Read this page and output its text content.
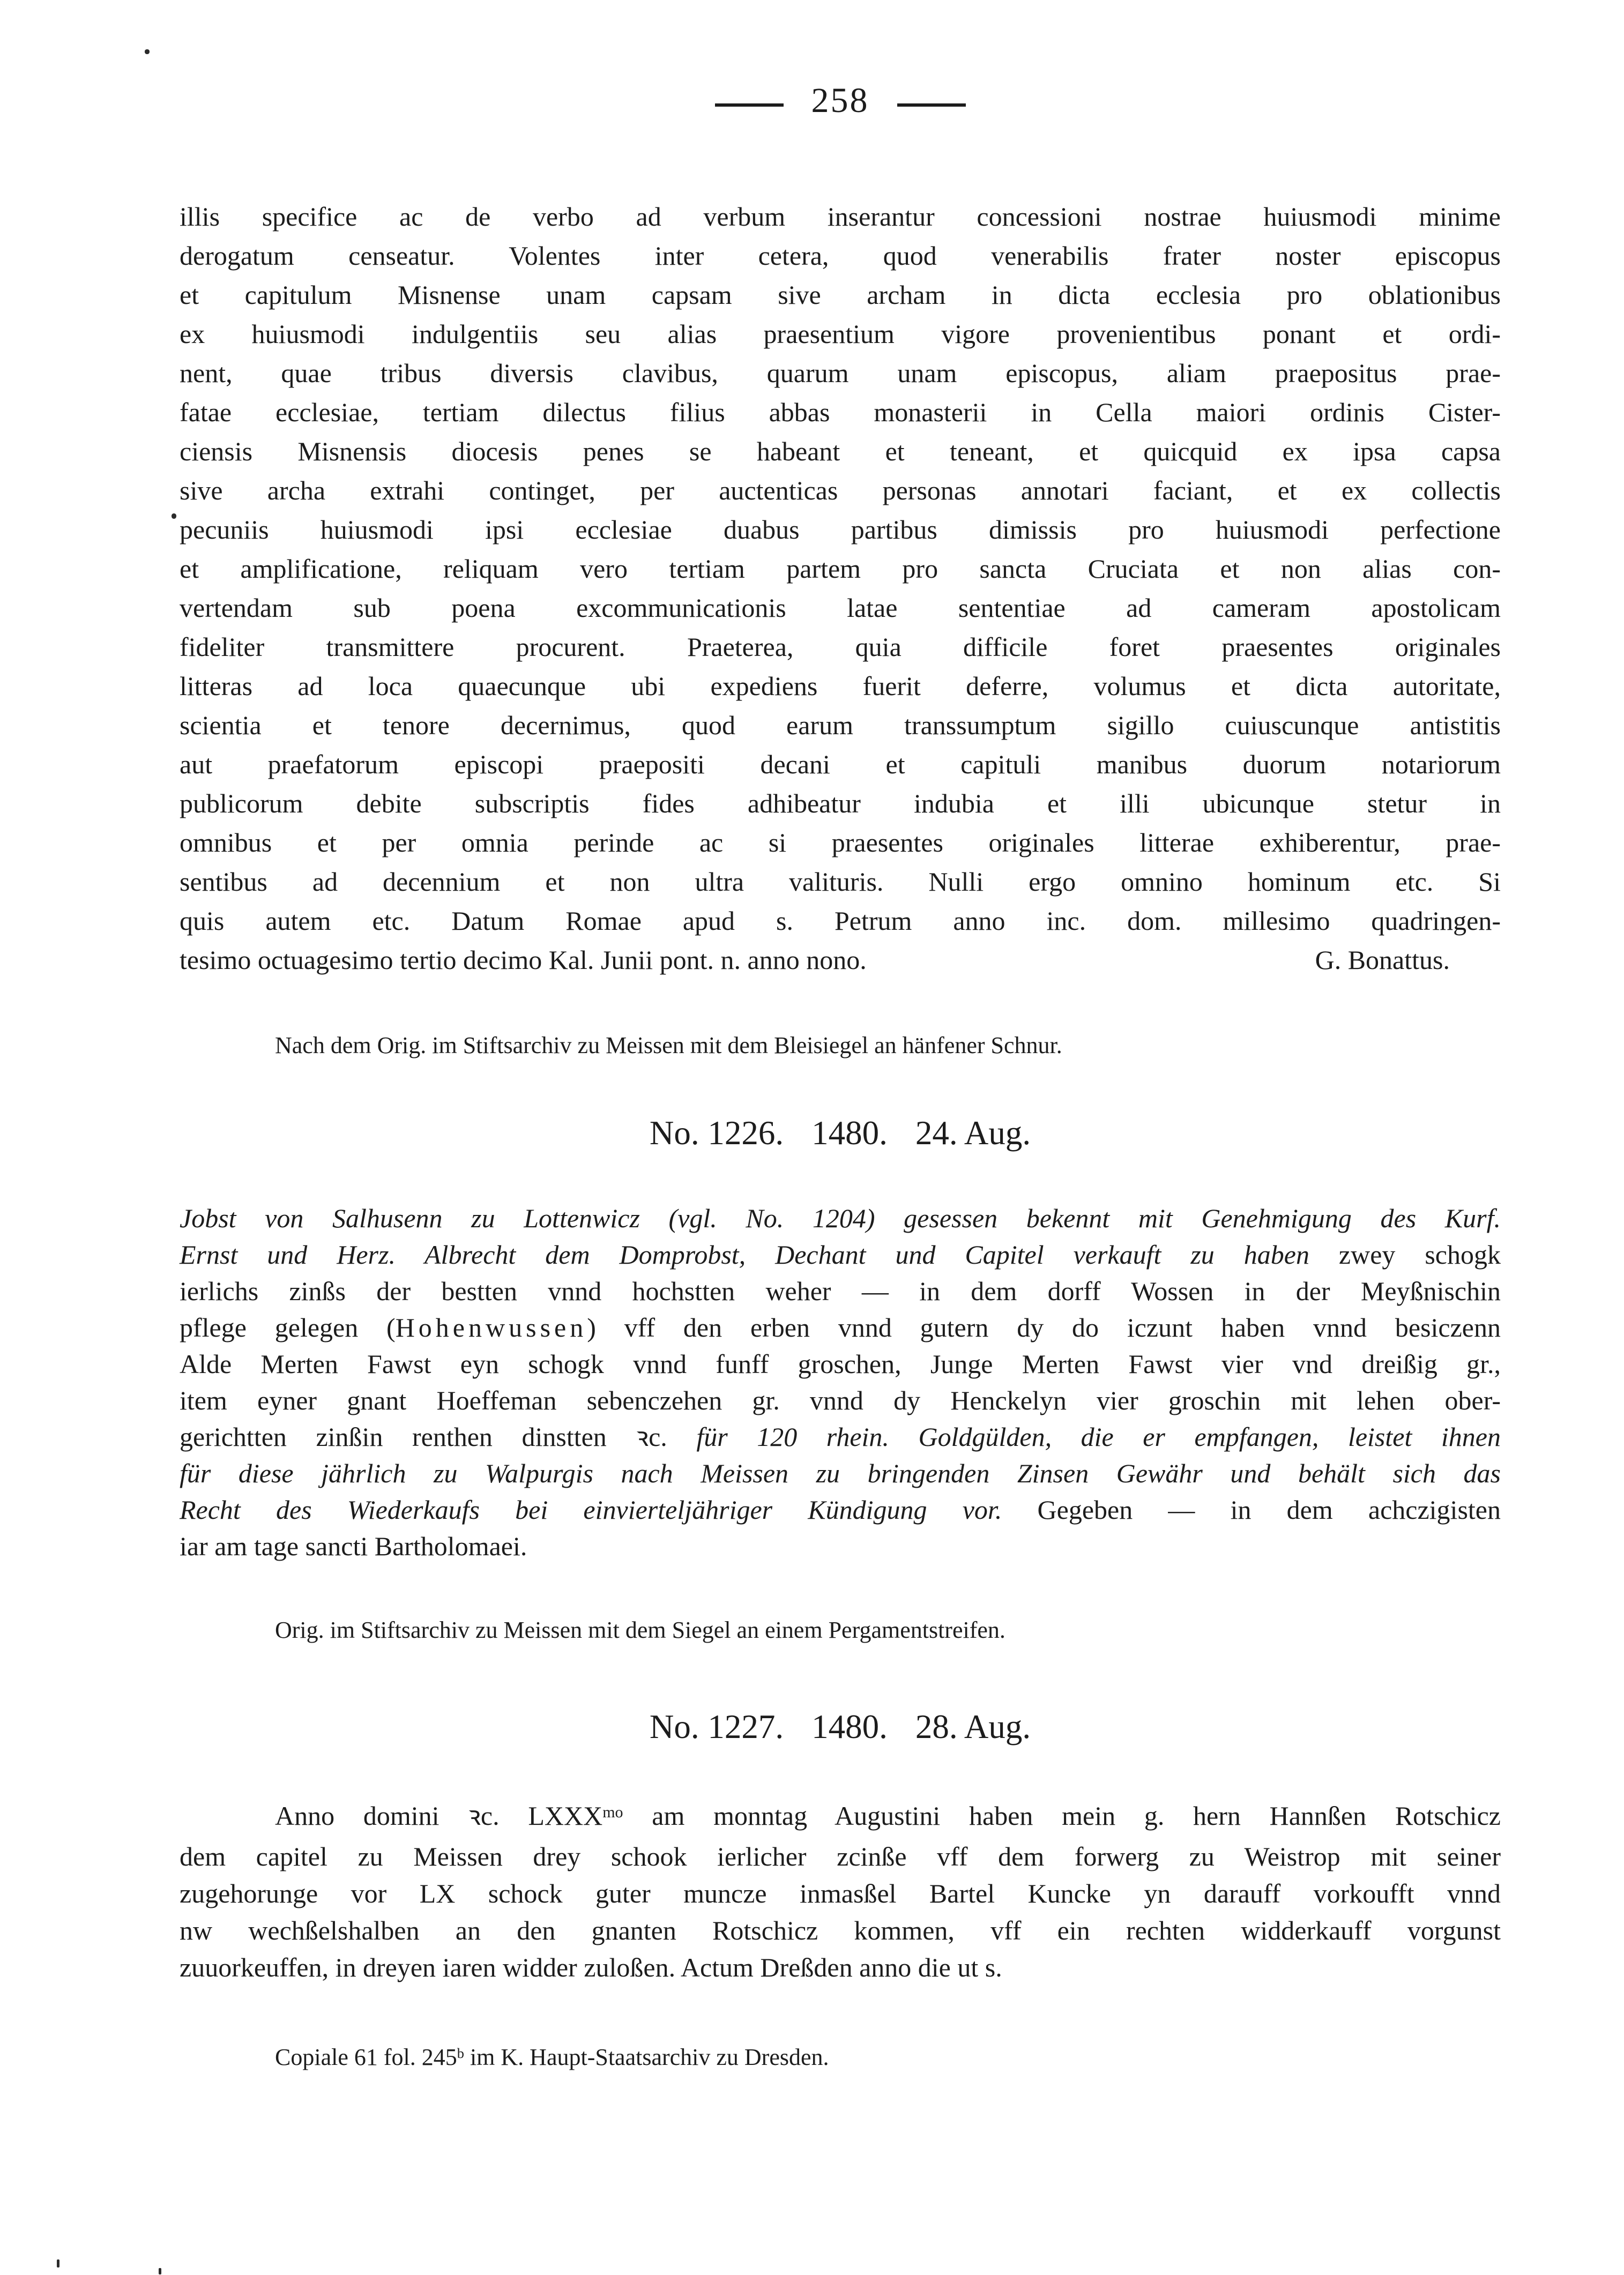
258
illis specifice ac de verbo ad verbum inserantur concessioni nostrae huiusmodi minime
derogatum censeatur. Volentes inter cetera, quod venerabilis frater noster episcopus
et capitulum Misnense unam capsam sive archam in dicta ecclesia pro oblationibus
ex huiusmodi indulgentiis seu alias praesentium vigore provenientibus ponant et ordi-
nent, quae tribus diversis clavibus, quarum unam episcopus, aliam praepositus prae-
fatae ecclesiae, tertiam dilectus filius abbas monasterii in Cella maiori ordinis Cister-
ciensis Misnensis diocesis penes se habeant et teneant, et quicquid ex ipsa capsa
sive archa extrahi continget, per auctenticas personas annotari faciant, et ex collectis
pecuniis huiusmodi ipsi ecclesiae duabus partibus dimissis pro huiusmodi perfectione
et amplificatione, reliquam vero tertiam partem pro sancta Cruciata et non alias con-
vertendam sub poena excommunicationis latae sententiae ad cameram apostolicam
fideliter transmittere procurent. Praeterea, quia difficile foret praesentes originales
litteras ad loca quaecunque ubi expediens fuerit deferre, volumus et dicta autoritate,
scientia et tenore decernimus, quod earum transsumptum sigillo cuiuscunque antistitis
aut praefatorum episcopi praepositi decani et capituli manibus duorum notariorum
publicorum debite subscriptis fides adhibeatur indubia et illi ubicunque stetur in
omnibus et per omnia perinde ac si praesentes originales litterae exhiberentur, prae-
sentibus ad decennium et non ultra valituris. Nulli ergo omnino hominum etc. Si
quis autem etc. Datum Romae apud s. Petrum anno inc. dom. millesimo quadringen-
tesimo octuagesimo tertio decimo Kal. Junii pont. n. anno nono.	G. Bonattus.
Nach dem Orig. im Stiftsarchiv zu Meissen mit dem Bleisiegel an hänfener Schnur.
No. 1226. 1480. 24. Aug.
Jobst von Salhusenn zu Lottenwicz (vgl. No. 1204) gesessen bekennt mit Genehmigung des Kurf.
Ernst und Herz. Albrecht dem Domprobst, Dechant und Capitel verkauft zu haben zwey schogk
ierlichs zinßs der bestten vnnd hochstten weher — in dem dorff Wossen in der Meyßnischin
pflege gelegen (Hohenwussen) vff den erben vnnd gutern dy do iczunt haben vnnd besiczenn
Alde Merten Fawst eyn schogk vnnd funff groschen, Junge Merten Fawst vier vnd dreißig gr.,
item eyner gnant Hoeffeman sebenczehen gr. vnnd dy Henckelyn vier groschin mit lehen ober-
gerichtten zinßin renthen dinstten ꝛc. für 120 rhein. Goldgülden, die er empfangen, leistet ihnen
für diese jährlich zu Walpurgis nach Meissen zu bringenden Zinsen Gewähr und behält sich das
Recht des Wiederkaufs bei einvierteljähriger Kündigung vor. Gegeben — in dem achczigisten
iar am tage sancti Bartholomaei.
Orig. im Stiftsarchiv zu Meissen mit dem Siegel an einem Pergamentstreifen.
No. 1227. 1480. 28. Aug.
Anno domini ꝛc. $LXXX^{mo}$ am monntag Augustini haben mein g. hern Hannßen Rotschicz
dem capitel zu Meissen drey schook ierlicher zcinße vff dem forwerg zu Weistrop mit seiner
zugehorunge vor LX schock guter muncze inmasßel Bartel Kuncke yn darauff vorkoufft vnnd
nw wechßelshalben an den gnanten Rotschicz kommen, vff ein rechten widderkauff vorgunst
zuuorkeuffen, in dreyen iaren widder zuloßen. Actum Dreßden anno die ut s.
Copiale 61 fol. 245$^b$ im K. Haupt-Staatsarchiv zu Dresden.
